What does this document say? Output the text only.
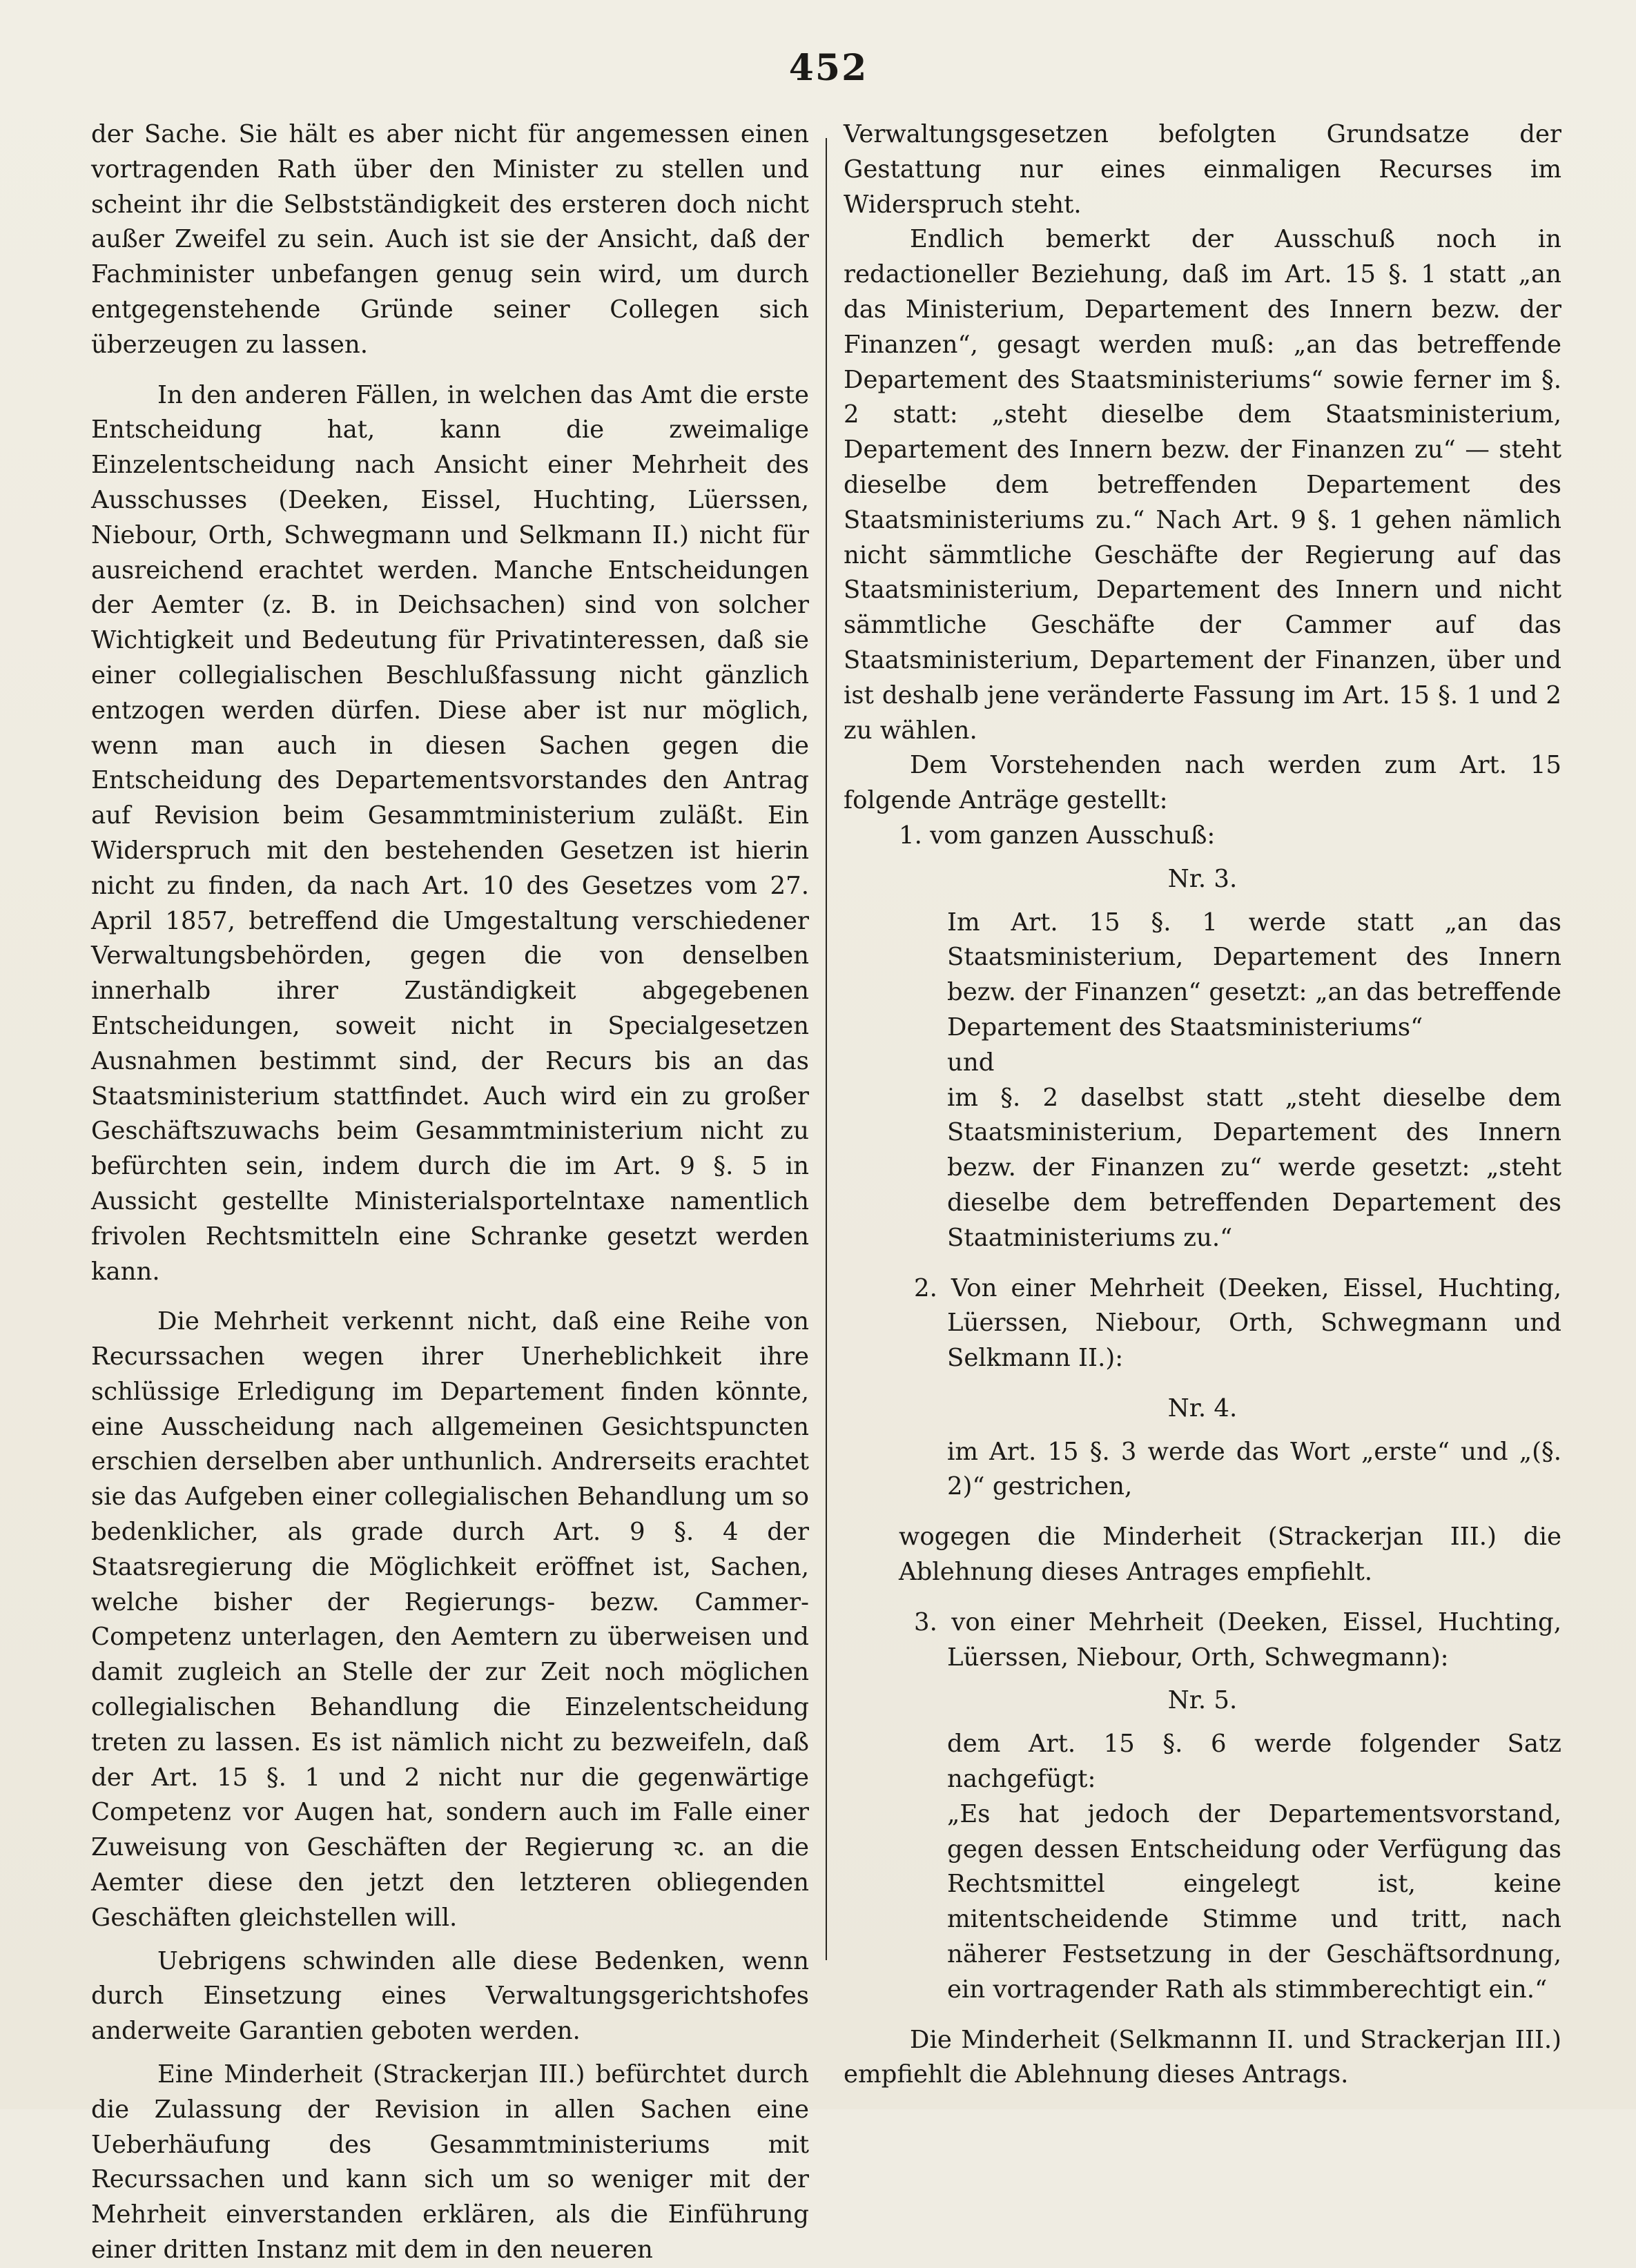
452

der Sache. Sie hält es aber nicht für angemessen einen vortragenden Rath über den Minister zu stellen und scheint ihr die Selbstständigkeit des ersteren doch nicht außer Zweifel zu sein. Auch ist sie der Ansicht, daß der Fachminister unbefangen genug sein wird, um durch entgegenstehende Gründe seiner Collegen sich überzeugen zu lassen.

In den anderen Fällen, in welchen das Amt die erste Entscheidung hat, kann die zweimalige Einzelentscheidung nach Ansicht einer Mehrheit des Ausschusses (Deeken, Eissel, Huchting, Lüerssen, Niebour, Orth, Schwegmann und Selkmann II.) nicht für ausreichend erachtet werden. Manche Entscheidungen der Aemter (z. B. in Deichsachen) sind von solcher Wichtigkeit und Bedeutung für Privatinteressen, daß sie einer collegialischen Beschlußfassung nicht gänzlich entzogen werden dürfen. Diese aber ist nur möglich, wenn man auch in diesen Sachen gegen die Entscheidung des Departementsvorstandes den Antrag auf Revision beim Gesammtministerium zuläßt. Ein Widerspruch mit den bestehenden Gesetzen ist hierin nicht zu finden, da nach Art. 10 des Gesetzes vom 27. April 1857, betreffend die Umgestaltung verschiedener Verwaltungsbehörden, gegen die von denselben innerhalb ihrer Zuständigkeit abgegebenen Entscheidungen, soweit nicht in Specialgesetzen Ausnahmen bestimmt sind, der Recurs bis an das Staatsministerium stattfindet. Auch wird ein zu großer Geschäftszuwachs beim Gesammtministerium nicht zu befürchten sein, indem durch die im Art. 9 §. 5 in Aussicht gestellte Ministerialsportelntaxe namentlich frivolen Rechtsmitteln eine Schranke gesetzt werden kann.

Die Mehrheit verkennt nicht, daß eine Reihe von Recurssachen wegen ihrer Unerheblichkeit ihre schlüssige Erledigung im Departement finden könnte, eine Ausscheidung nach allgemeinen Gesichtspuncten erschien derselben aber unthunlich. Andrerseits erachtet sie das Aufgeben einer collegialischen Behandlung um so bedenklicher, als grade durch Art. 9 §. 4 der Staatsregierung die Möglichkeit eröffnet ist, Sachen, welche bisher der Regierungs- bezw. Cammer-Competenz unterlagen, den Aemtern zu überweisen und damit zugleich an Stelle der zur Zeit noch möglichen collegialischen Behandlung die Einzelentscheidung treten zu lassen. Es ist nämlich nicht zu bezweifeln, daß der Art. 15 §. 1 und 2 nicht nur die gegenwärtige Competenz vor Augen hat, sondern auch im Falle einer Zuweisung von Geschäften der Regierung ꝛc. an die Aemter diese den jetzt den letzteren obliegenden Geschäften gleichstellen will.

Uebrigens schwinden alle diese Bedenken, wenn durch Einsetzung eines Verwaltungsgerichtshofes anderweite Garantien geboten werden.

Eine Minderheit (Strackerjan III.) befürchtet durch die Zulassung der Revision in allen Sachen eine Ueberhäufung des Gesammtministeriums mit Recurssachen und kann sich um so weniger mit der Mehrheit einverstanden erklären, als die Einführung einer dritten Instanz mit dem in den neueren

Verwaltungsgesetzen befolgten Grundsatze der Gestattung nur eines einmaligen Recurses im Widerspruch steht.

Endlich bemerkt der Ausschuß noch in redactioneller Beziehung, daß im Art. 15 §. 1 statt „an das Ministerium, Departement des Innern bezw. der Finanzen“, gesagt werden muß: „an das betreffende Departement des Staatsministeriums“ sowie ferner im §. 2 statt: „steht dieselbe dem Staatsministerium, Departement des Innern bezw. der Finanzen zu“ — steht dieselbe dem betreffenden Departement des Staatsministeriums zu.“ Nach Art. 9 §. 1 gehen nämlich nicht sämmtliche Geschäfte der Regierung auf das Staatsministerium, Departement des Innern und nicht sämmtliche Geschäfte der Cammer auf das Staatsministerium, Departement der Finanzen, über und ist deshalb jene veränderte Fassung im Art. 15 §. 1 und 2 zu wählen.

Dem Vorstehenden nach werden zum Art. 15 folgende Anträge gestellt:

1. vom ganzen Ausschuß:

Nr. 3.

Im Art. 15 §. 1 werde statt „an das Staatsministerium, Departement des Innern bezw. der Finanzen“ gesetzt: „an das betreffende Departement des Staatsministeriums“

und

im §. 2 daselbst statt „steht dieselbe dem Staatsministerium, Departement des Innern bezw. der Finanzen zu“ werde gesetzt: „steht dieselbe dem betreffenden Departement des Staatministeriums zu.“

2. Von einer Mehrheit (Deeken, Eissel, Huchting, Lüerssen, Niebour, Orth, Schwegmann und Selkmann II.):

Nr. 4.

im Art. 15 §. 3 werde das Wort „erste“ und „(§. 2)“ gestrichen,

wogegen die Minderheit (Strackerjan III.) die Ablehnung dieses Antrages empfiehlt.

3. von einer Mehrheit (Deeken, Eissel, Huchting, Lüerssen, Niebour, Orth, Schwegmann):

Nr. 5.

dem Art. 15 §. 6 werde folgender Satz nachgefügt:

„Es hat jedoch der Departementsvorstand, gegen dessen Entscheidung oder Verfügung das Rechtsmittel eingelegt ist, keine mitentscheidende Stimme und tritt, nach näherer Festsetzung in der Geschäftsordnung, ein vortragender Rath als stimmberechtigt ein.“

Die Minderheit (Selkmannn II. und Strackerjan III.) empfiehlt die Ablehnung dieses Antrags.
